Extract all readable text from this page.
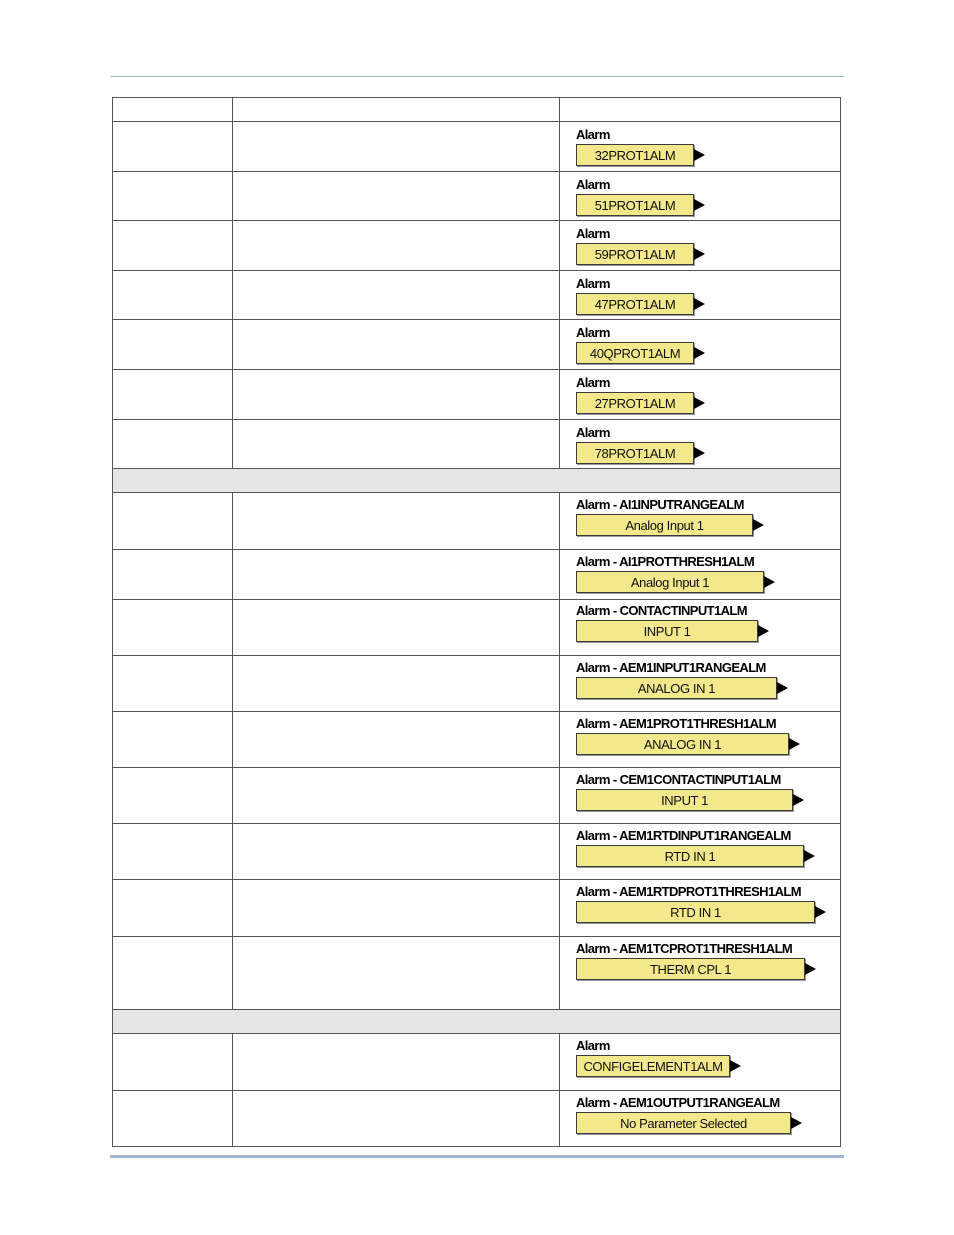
Alarm
32PROT1ALM
Alarm
51PROT1ALM
Alarm
59PROT1ALM
Alarm
47PROT1ALM
Alarm
40QPROT1ALM
Alarm
27PROT1ALM
Alarm
78PROT1ALM
Alarm - AI1INPUTRANGEALM
Analog Input 1
Alarm - AI1PROTTHRESH1ALM
Analog Input 1
Alarm - CONTACTINPUT1ALM
INPUT 1
Alarm - AEM1INPUT1RANGEALM
ANALOG IN 1
Alarm - AEM1PROT1THRESH1ALM
ANALOG IN 1
Alarm - CEM1CONTACTINPUT1ALM
INPUT 1
Alarm - AEM1RTDINPUT1RANGEALM
RTD IN 1
Alarm - AEM1RTDPROT1THRESH1ALM
RTD IN 1
Alarm - AEM1TCPROT1THRESH1ALM
THERM CPL 1
Alarm
CONFIGELEMENT1ALM
Alarm - AEM1OUTPUT1RANGEALM
No Parameter Selected
